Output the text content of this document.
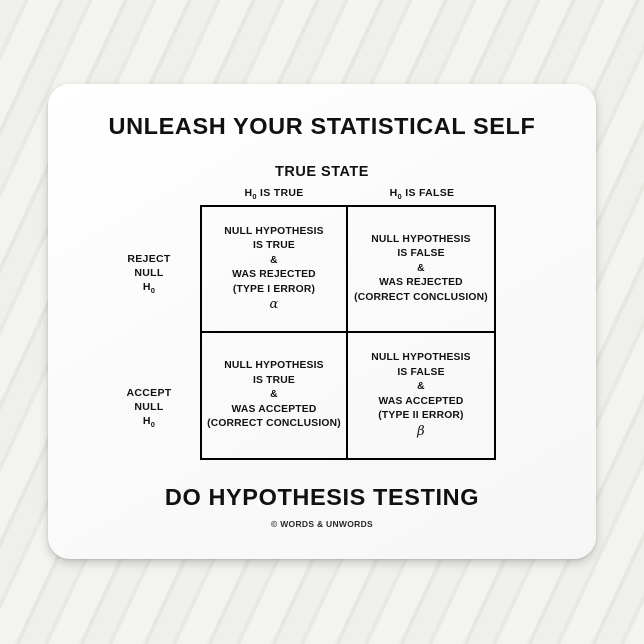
UNLEASH YOUR STATISTICAL SELF
TRUE STATE
$H_0$ IS TRUE	$H_0$ IS FALSE
REJECT
NULL
$H_0$
ACCEPT
NULL
$H_0$
NULL HYPOTHESIS
IS TRUE
&
WAS REJECTED
(TYPE I ERROR)
α
NULL HYPOTHESIS
IS FALSE
&
WAS REJECTED
(CORRECT CONCLUSION)
NULL HYPOTHESIS
IS TRUE
&
WAS ACCEPTED
(CORRECT CONCLUSION)
NULL HYPOTHESIS
IS FALSE
&
WAS ACCEPTED
(TYPE II ERROR)
β
DO HYPOTHESIS TESTING
© WORDS & UNWORDS
